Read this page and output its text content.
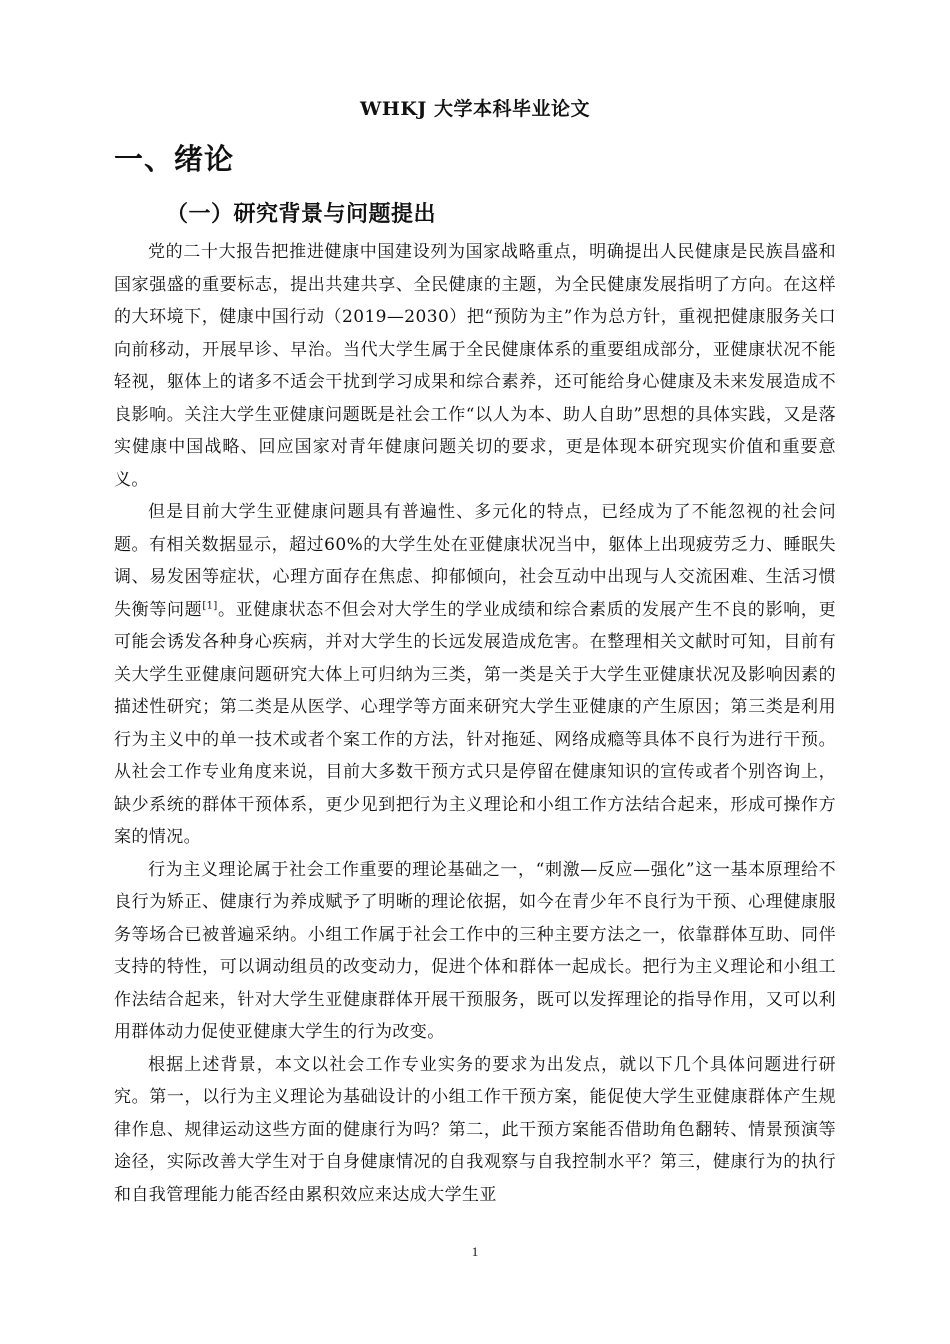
WHKJ 大学本科毕业论文
一、绪论
（一）研究背景与问题提出

党的二十大报告把推进健康中国建设列为国家战略重点，明确提出人民健康是民族昌盛和国家强盛的重要标志，提出共建共享、全民健康的主题，为全民健康发展指明了方向。在这样的大环境下，健康中国行动（2019—2030）把“预防为主”作为总方针，重视把健康服务关口向前移动，开展早诊、早治。当代大学生属于全民健康体系的重要组成部分，亚健康状况不能轻视，躯体上的诸多不适会干扰到学习成果和综合素养，还可能给身心健康及未来发展造成不良影响。关注大学生亚健康问题既是社会工作“以人为本、助人自助”思想的具体实践，又是落实健康中国战略、回应国家对青年健康问题关切的要求，更是体现本研究现实价值和重要意义。

但是目前大学生亚健康问题具有普遍性、多元化的特点，已经成为了不能忽视的社会问题。有相关数据显示，超过60%的大学生处在亚健康状况当中，躯体上出现疲劳乏力、睡眠失调、易发困等症状，心理方面存在焦虑、抑郁倾向，社会互动中出现与人交流困难、生活习惯失衡等问题[1]。亚健康状态不但会对大学生的学业成绩和综合素质的发展产生不良的影响，更可能会诱发各种身心疾病，并对大学生的长远发展造成危害。在整理相关文献时可知，目前有关大学生亚健康问题研究大体上可归纳为三类，第一类是关于大学生亚健康状况及影响因素的描述性研究；第二类是从医学、心理学等方面来研究大学生亚健康的产生原因；第三类是利用行为主义中的单一技术或者个案工作的方法，针对拖延、网络成瘾等具体不良行为进行干预。从社会工作专业角度来说，目前大多数干预方式只是停留在健康知识的宣传或者个别咨询上，缺少系统的群体干预体系，更少见到把行为主义理论和小组工作方法结合起来，形成可操作方案的情况。

行为主义理论属于社会工作重要的理论基础之一，“刺激—反应—强化”这一基本原理给不良行为矫正、健康行为养成赋予了明晰的理论依据，如今在青少年不良行为干预、心理健康服务等场合已被普遍采纳。小组工作属于社会工作中的三种主要方法之一，依靠群体互助、同伴支持的特性，可以调动组员的改变动力，促进个体和群体一起成长。把行为主义理论和小组工作法结合起来，针对大学生亚健康群体开展干预服务，既可以发挥理论的指导作用，又可以利用群体动力促使亚健康大学生的行为改变。

根据上述背景，本文以社会工作专业实务的要求为出发点，就以下几个具体问题进行研究。第一，以行为主义理论为基础设计的小组工作干预方案，能促使大学生亚健康群体产生规律作息、规律运动这些方面的健康行为吗？第二，此干预方案能否借助角色翻转、情景预演等途径，实际改善大学生对于自身健康情况的自我观察与自我控制水平？第三，健康行为的执行和自我管理能力能否经由累积效应来达成大学生亚

1
